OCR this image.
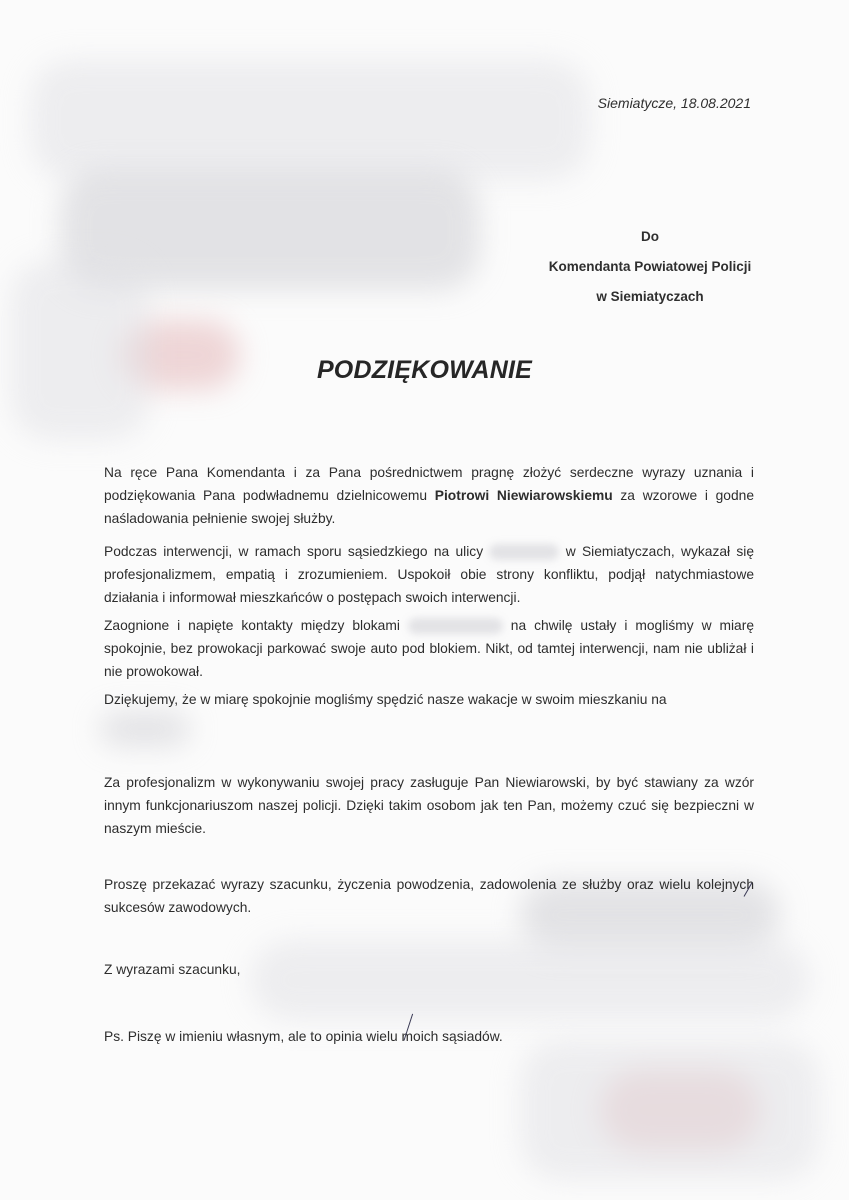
Siemiatycze, 18.08.2021
Do
Komendanta Powiatowej Policji
w Siemiatyczach
PODZIĘKOWANIE

Na ręce Pana Komendanta i za Pana pośrednictwem pragnę złożyć serdeczne wyrazy uznania i podziękowania Pana podwładnemu dzielnicowemu Piotrowi Niewiarowskiemu za wzorowe i godne naśladowania pełnienie swojej służby.

Podczas interwencji, w ramach sporu sąsiedzkiego na ulicy	w Siemiatyczach, wykazał się profesjonalizmem, empatią i zrozumieniem. Uspokoił obie strony konfliktu, podjął natychmiastowe działania i informował mieszkańców o postępach swoich interwencji.

Zaognione i napięte kontakty między blokami	na chwilę ustały i mogliśmy w miarę spokojnie, bez prowokacji parkować swoje auto pod blokiem. Nikt, od tamtej interwencji, nam nie ubliżał i nie prowokował.

Dziękujemy, że w miarę spokojnie mogliśmy spędzić nasze wakacje w swoim mieszkaniu na

Za profesjonalizm w wykonywaniu swojej pracy zasługuje Pan Niewiarowski, by być stawiany za wzór innym funkcjonariuszom naszej policji. Dzięki takim osobom jak ten Pan, możemy czuć się bezpieczni w naszym mieście.

Proszę przekazać wyrazy szacunku, życzenia powodzenia, zadowolenia ze służby oraz wielu kolejnych sukcesów zawodowych.

Z wyrazami szacunku,

Ps. Piszę w imieniu własnym, ale to opinia wielu moich sąsiadów.
